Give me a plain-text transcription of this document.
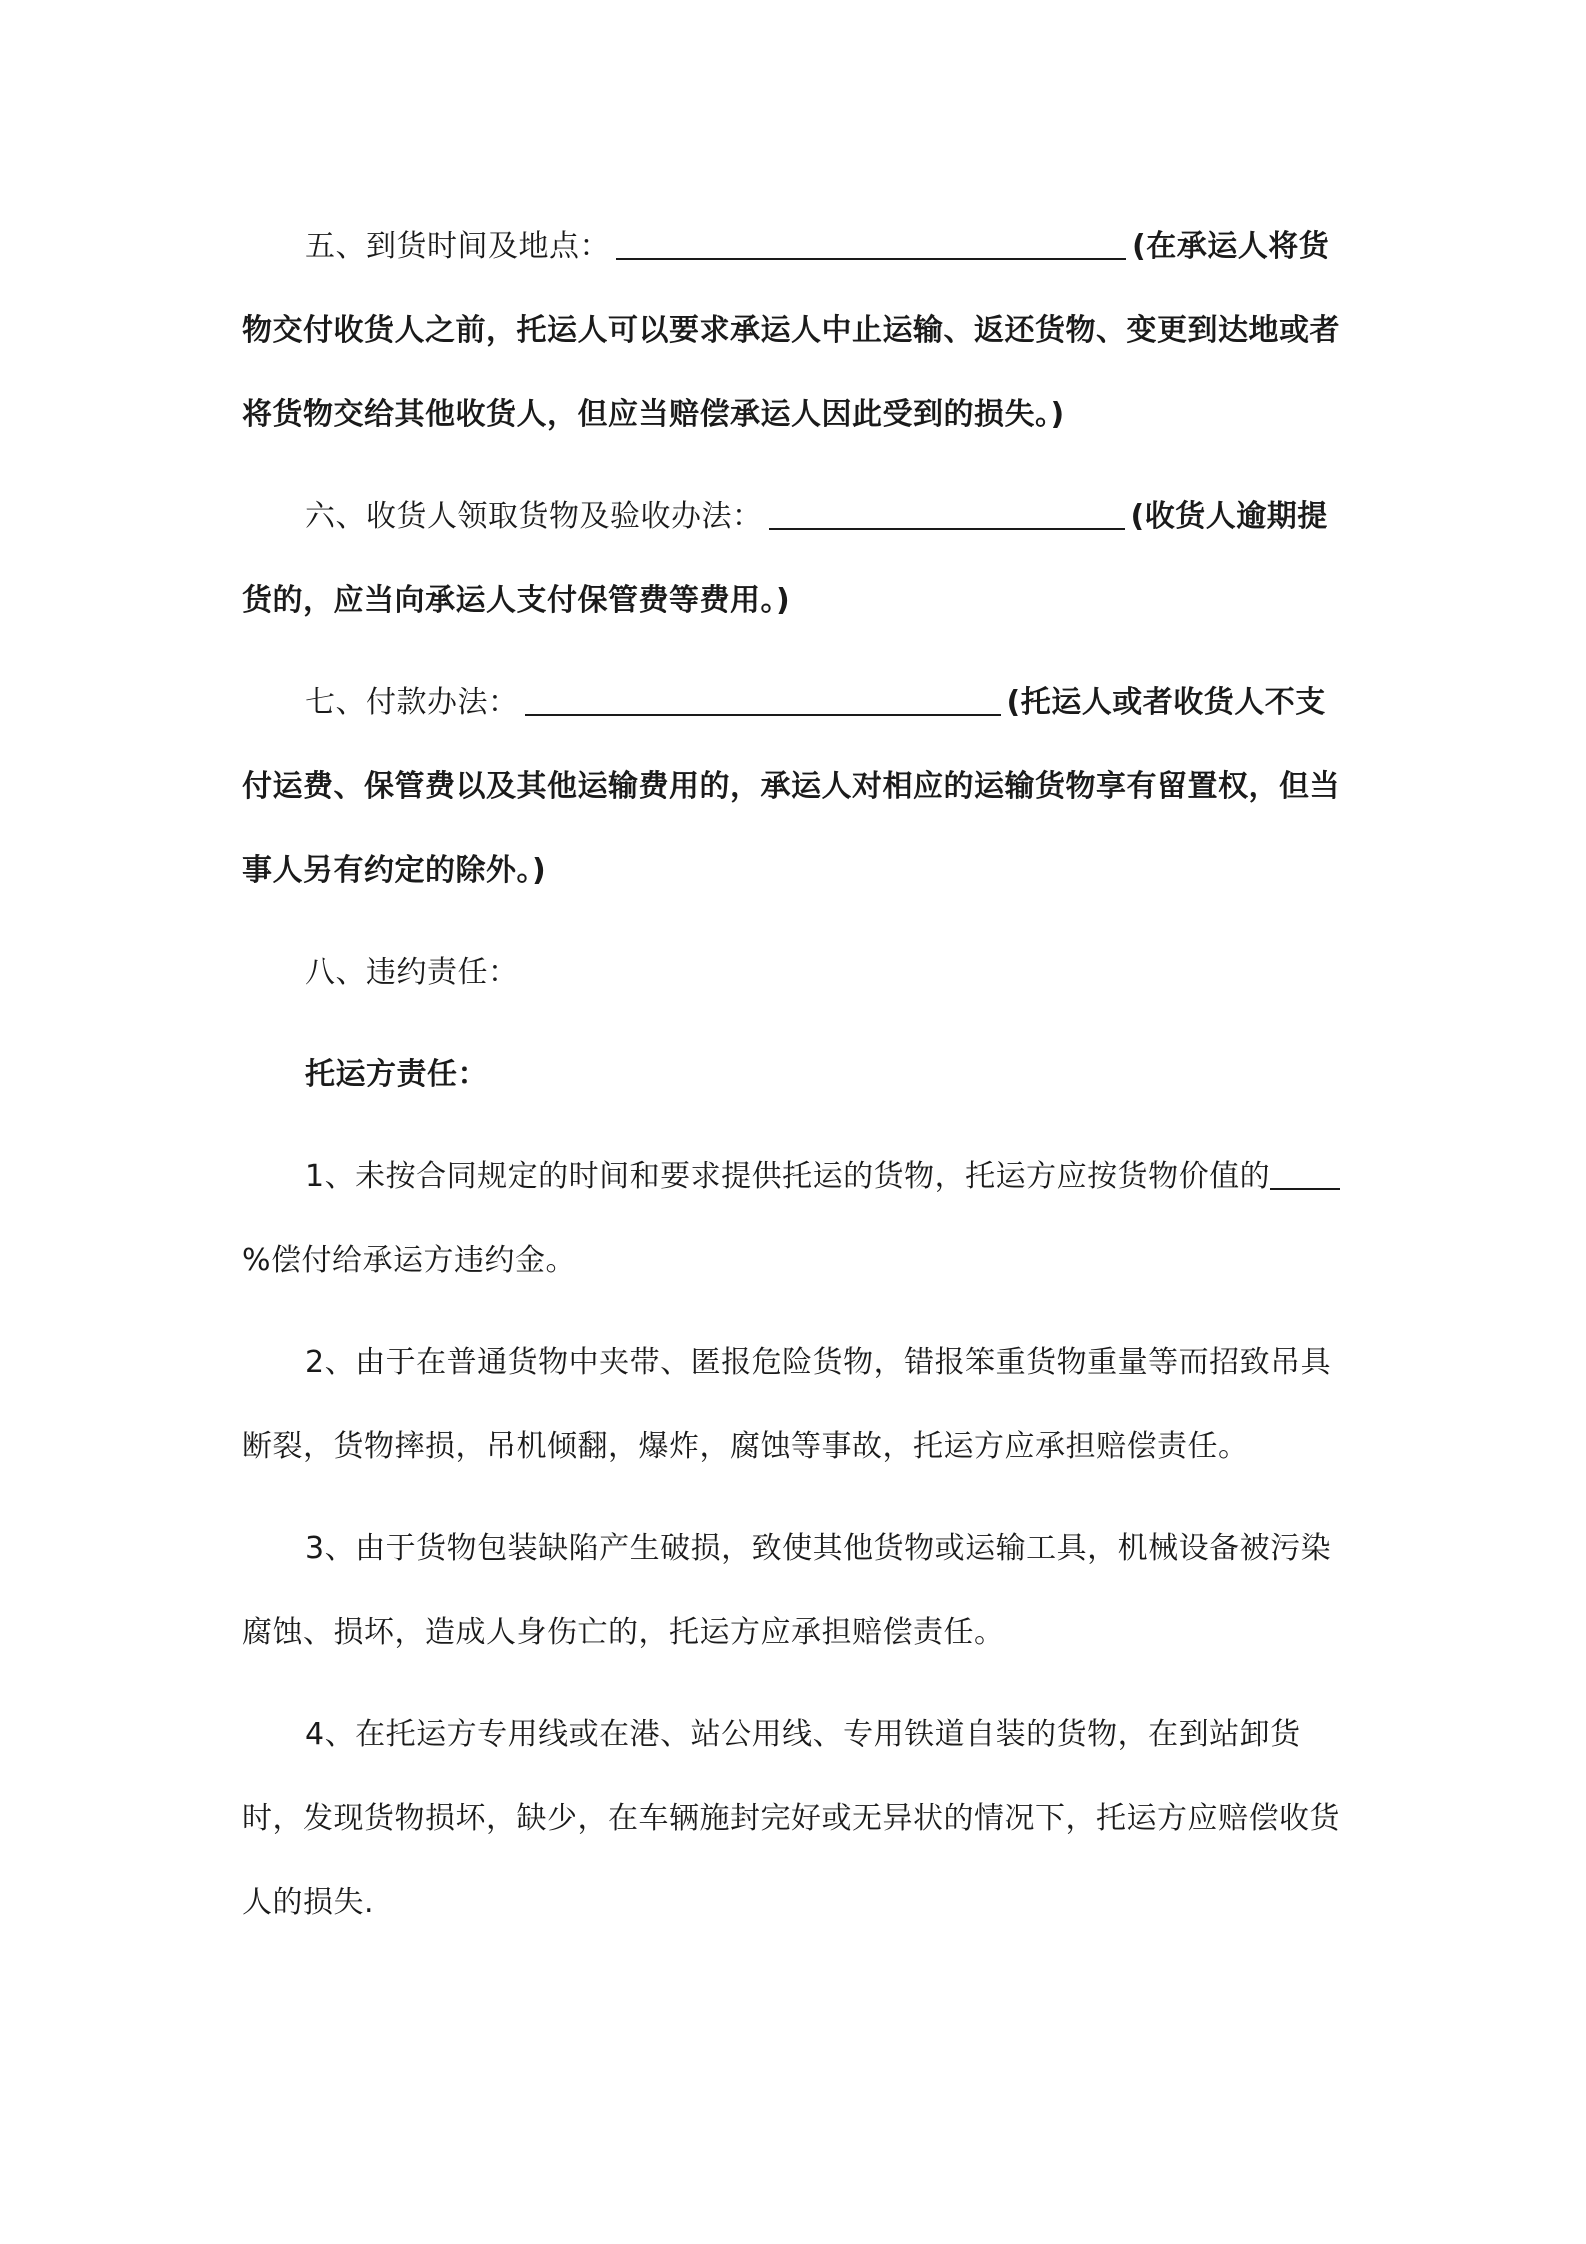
五、到货时间及地点：	(在承运人将货物交付收货人之前，托运人可以要求承运人中止运输、返还货物、变更到达地或者将货物交给其他收货人，但应当赔偿承运人因此受到的损失。)

六、收货人领取货物及验收办法：	(收货人逾期提货的，应当向承运人支付保管费等费用。)

七、付款办法：	(托运人或者收货人不支付运费、保管费以及其他运输费用的，承运人对相应的运输货物享有留置权，但当事人另有约定的除外。)

八、违约责任：

托运方责任：

1、未按合同规定的时间和要求提供托运的货物，托运方应按货物价值的%偿付给承运方违约金。

2、由于在普通货物中夹带、匿报危险货物，错报笨重货物重量等而招致吊具断裂，货物摔损，吊机倾翻，爆炸，腐蚀等事故，托运方应承担赔偿责任。

3、由于货物包装缺陷产生破损，致使其他货物或运输工具，机械设备被污染腐蚀、损坏，造成人身伤亡的，托运方应承担赔偿责任。

4、在托运方专用线或在港、站公用线、专用铁道自装的货物，在到站卸货时，发现货物损坏，缺少，在车辆施封完好或无异状的情况下，托运方应赔偿收货人的损失.
